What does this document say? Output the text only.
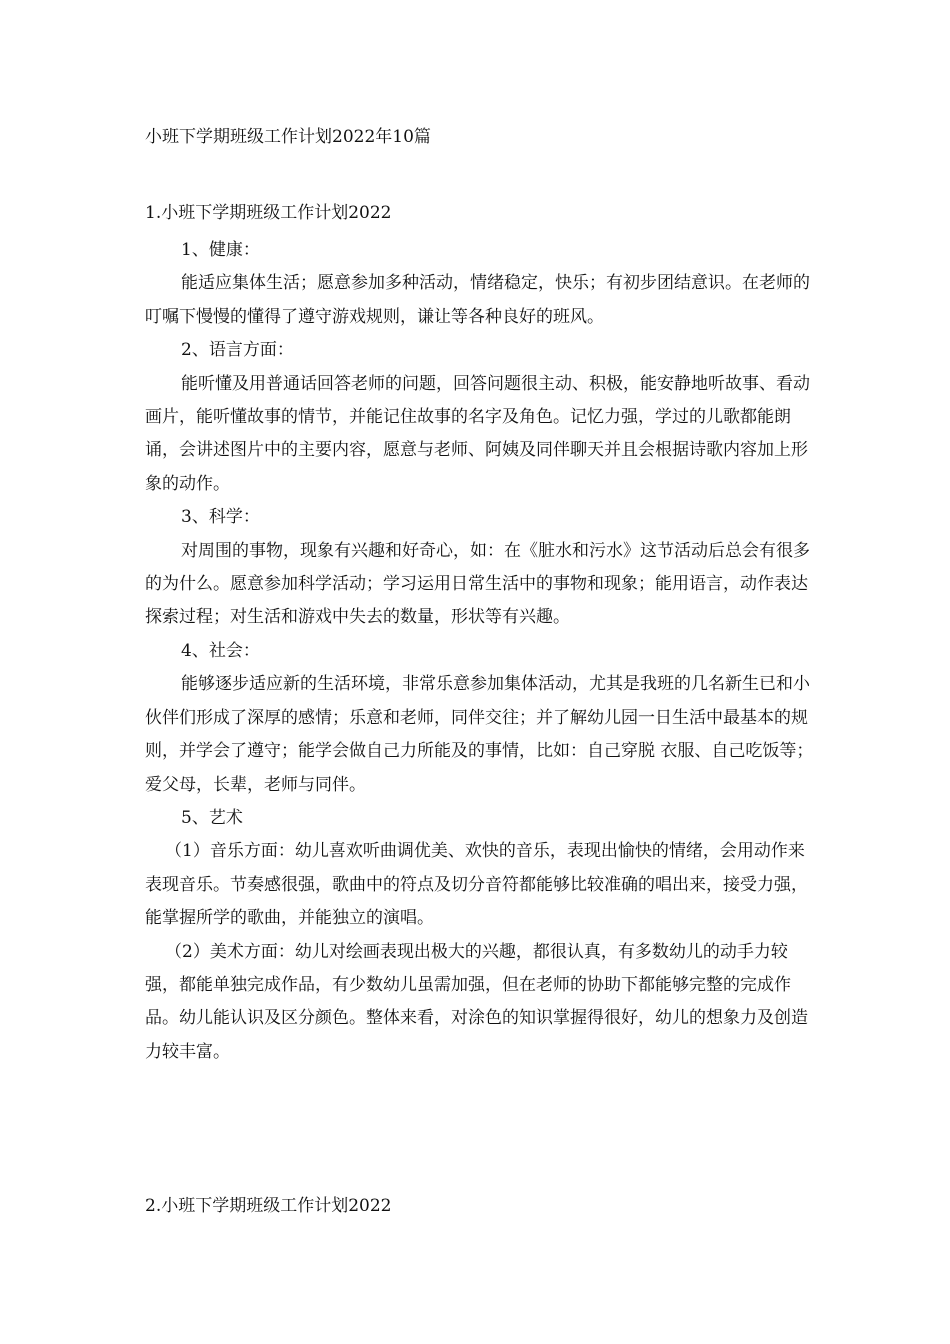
小班下学期班级工作计划2022年10篇
1.小班下学期班级工作计划2022

1、健康：

能适应集体生活；愿意参加多种活动，情绪稳定，快乐；有初步团结意识。在老师的叮嘱下慢慢的懂得了遵守游戏规则，谦让等各种良好的班风。

2、语言方面：

能听懂及用普通话回答老师的问题，回答问题很主动、积极，能安静地听故事、看动画片，能听懂故事的情节，并能记住故事的名字及角色。记忆力强，学过的儿歌都能朗诵，会讲述图片中的主要内容，愿意与老师、阿姨及同伴聊天并且会根据诗歌内容加上形象的动作。

3、科学：

对周围的事物，现象有兴趣和好奇心，如：在《脏水和污水》这节活动后总会有很多的为什么。愿意参加科学活动；学习运用日常生活中的事物和现象；能用语言，动作表达探索过程；对生活和游戏中失去的数量，形状等有兴趣。

4、社会：

能够逐步适应新的生活环境，非常乐意参加集体活动，尤其是我班的几名新生已和小伙伴们形成了深厚的感情；乐意和老师，同伴交往；并了解幼儿园一日生活中最基本的规则，并学会了遵守；能学会做自己力所能及的事情，比如：自己穿脱 衣服、自己吃饭等；爱父母，长辈，老师与同伴。

5、艺术

（1）音乐方面：幼儿喜欢听曲调优美、欢快的音乐，表现出愉快的情绪，会用动作来表现音乐。节奏感很强，歌曲中的符点及切分音符都能够比较准确的唱出来，接受力强，能掌握所学的歌曲，并能独立的演唱。

（2）美术方面：幼儿对绘画表现出极大的兴趣，都很认真，有多数幼儿的动手力较强，都能单独完成作品，有少数幼儿虽需加强，但在老师的协助下都能够完整的完成作品。幼儿能认识及区分颜色。整体来看，对涂色的知识掌握得很好，幼儿的想象力及创造力较丰富。

2.小班下学期班级工作计划2022
